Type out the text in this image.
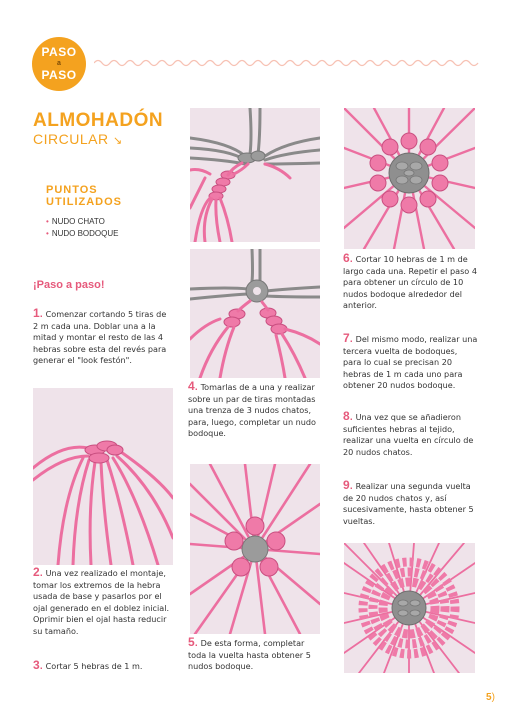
PASO
a
PASO
ALMOHADÓN
CIRCULAR ↘
PUNTOS
UTILIZADOS
• NUDO CHATO
• NUDO BODOQUE
¡Paso a paso!
1. Comenzar cortando 5 tiras de 2 m cada una. Doblar una a la mitad y montar el resto de las 4 hebras sobre esta del revés para generar el "look festón".
2. Una vez realizado el montaje, tomar los extremos de la hebra usada de base y pasarlos por el ojal generado en el doblez inicial. Oprimir bien el ojal hasta reducir su tamaño.
3. Cortar 5 hebras de 1 m.
4. Tomarlas de a una y realizar sobre un par de tiras montadas una trenza de 3 nudos chatos, para, luego, completar un nudo bodoque.
5. De esta forma, completar toda la vuelta hasta obtener 5 nudos bodoque.
6. Cortar 10 hebras de 1 m de largo cada una. Repetir el paso 4 para obtener un círculo de 10 nudos bodoque alrededor del anterior.
7. Del mismo modo, realizar una tercera vuelta de bodoques, para lo cual se precisan 20 hebras de 1 m cada uno para obtener 20 nudos bodoque.
8. Una vez que se añadieron suficientes hebras al tejido, realizar una vuelta en círculo de 20 nudos chatos.
9. Realizar una segunda vuelta de 20 nudos chatos y, así sucesivamente, hasta obtener 5 vueltas.
5)
